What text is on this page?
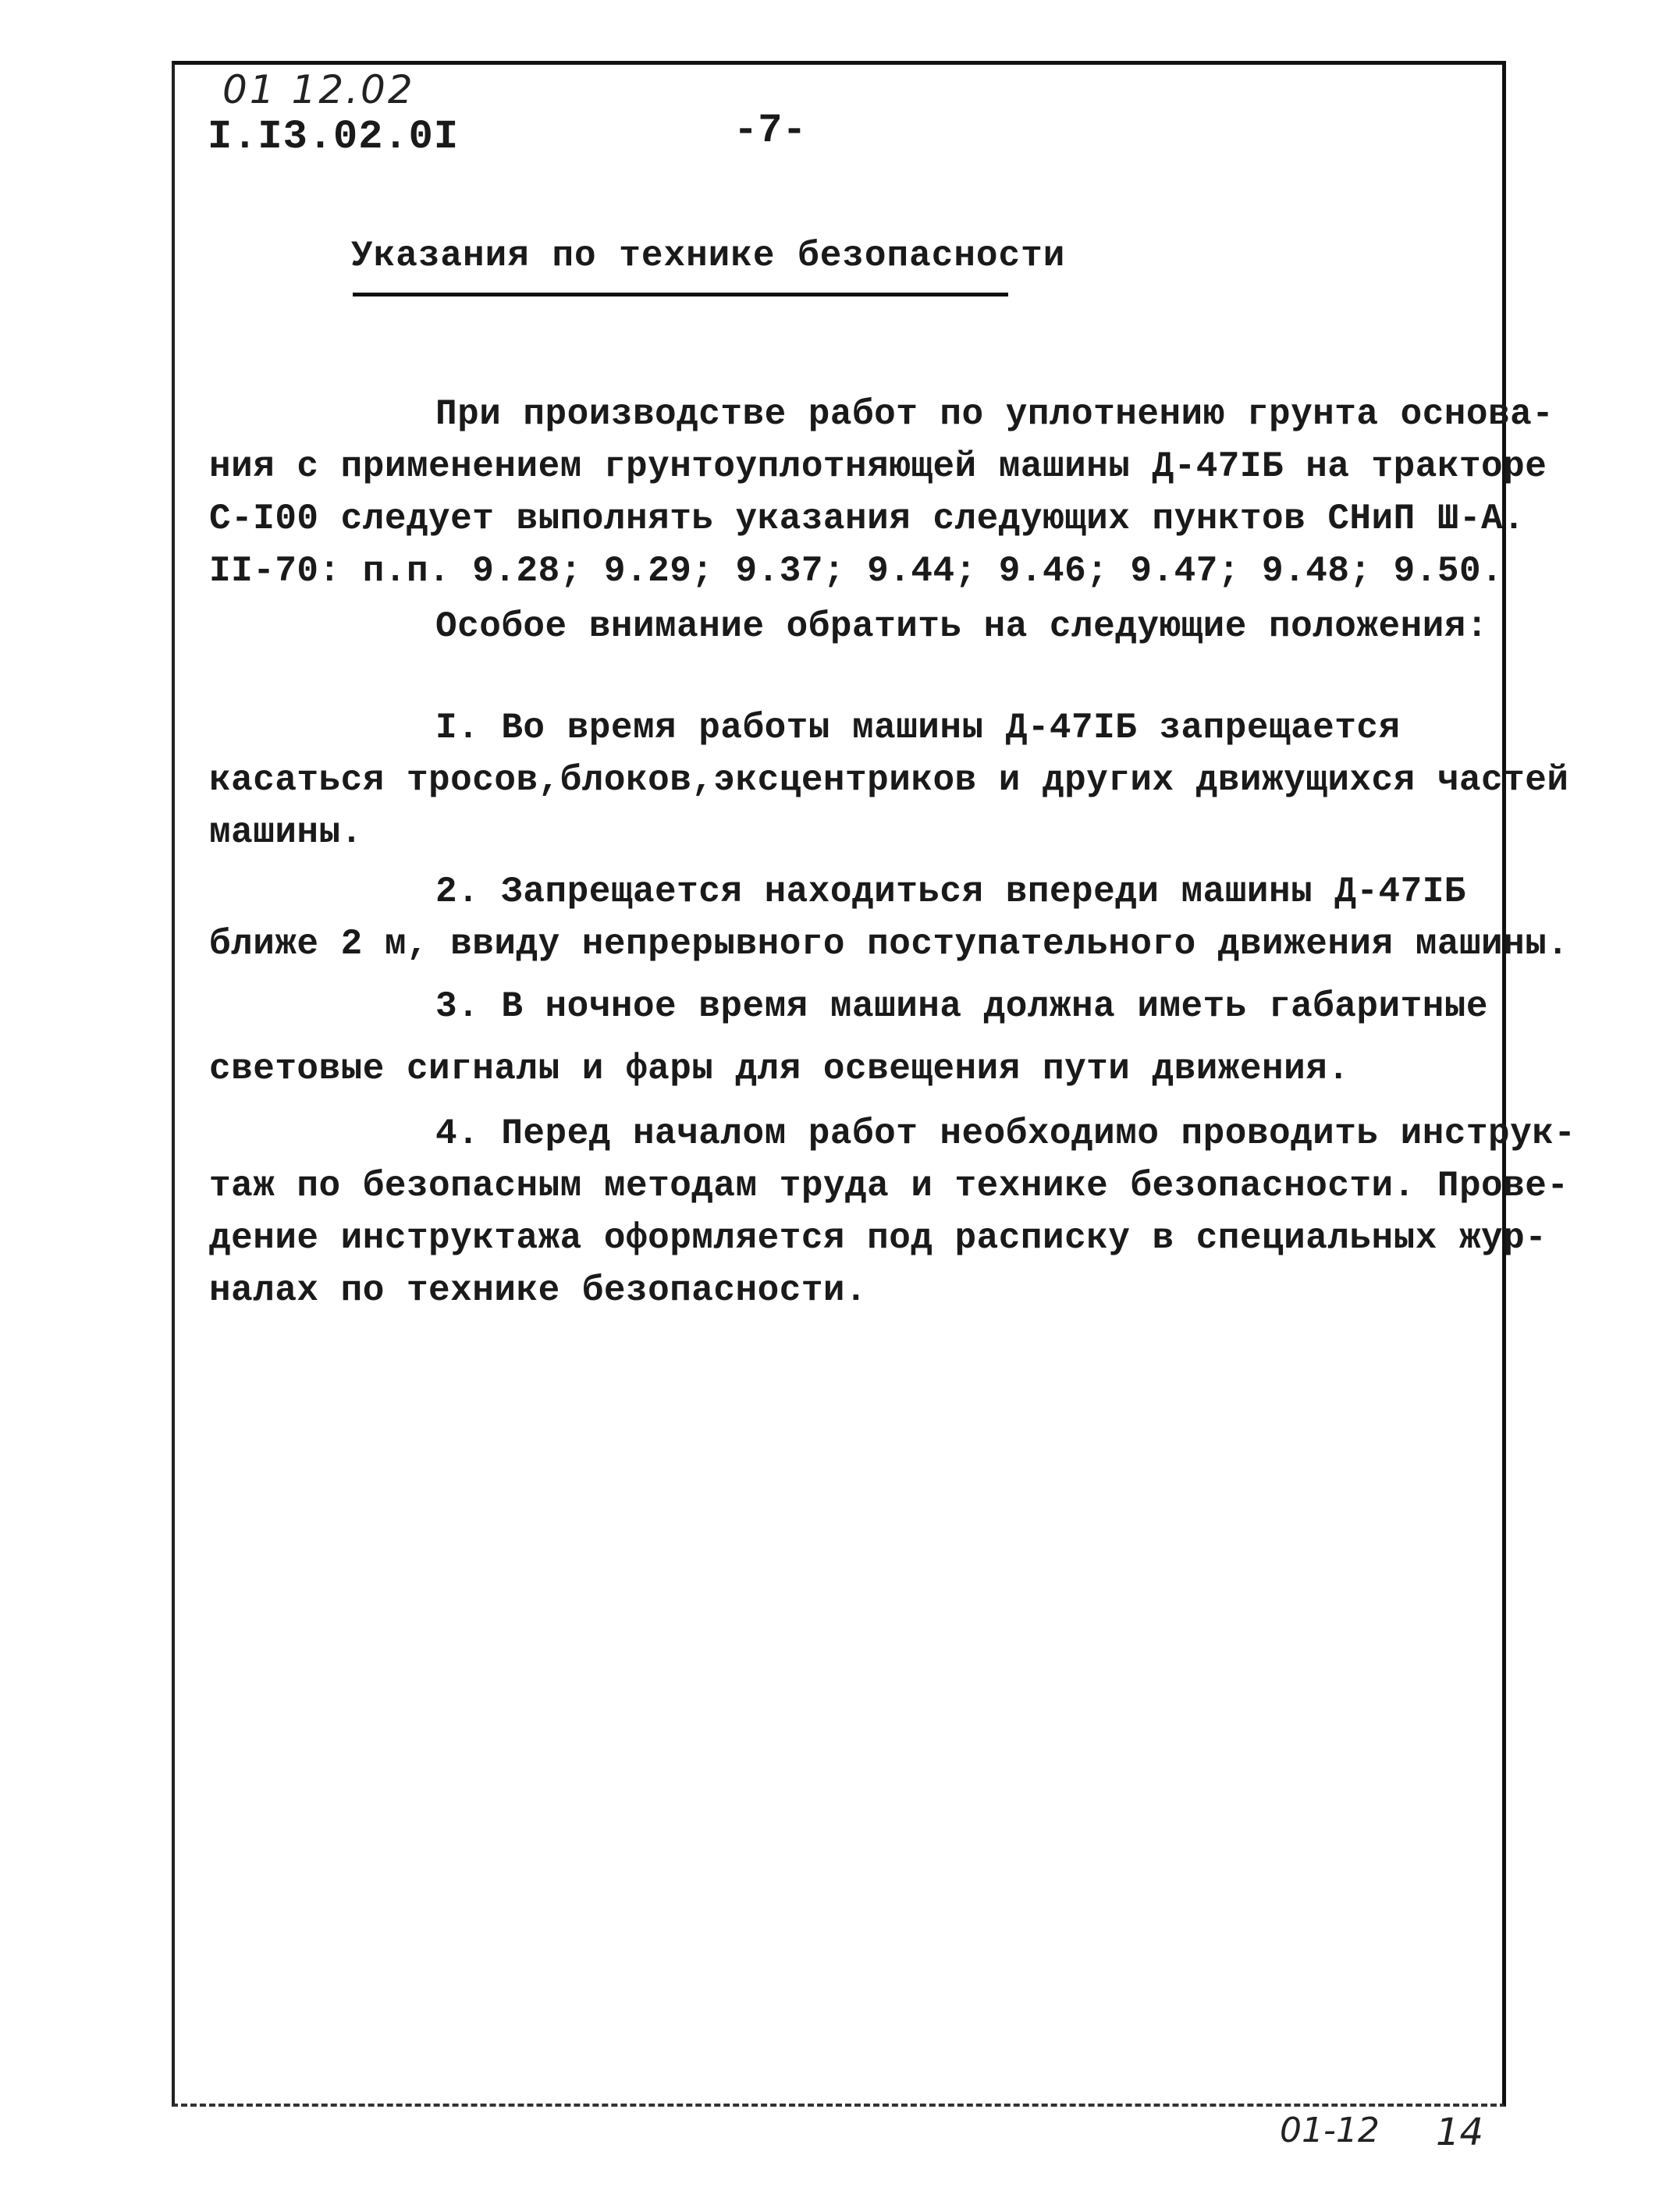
01 12.02
I.I3.02.0I	-7-
Указания по технике безопасности
При производстве работ по уплотнению грунта основа-
ния с применением грунтоуплотняющей машины Д-47IБ на тракторе
С-I00 следует выполнять указания следующих пунктов СНиП Ш-А.
II-70: п.п. 9.28; 9.29; 9.37; 9.44; 9.46; 9.47; 9.48; 9.50.
Особое внимание обратить на следующие положения:
I. Во время работы машины Д-47IБ запрещается
касаться тросов,блоков,эксцентриков и других движущихся частей
машины.
2. Запрещается находиться впереди машины Д-47IБ
ближе 2 м, ввиду непрерывного поступательного движения машины.
3. В ночное время машина должна иметь габаритные
световые сигналы и фары для освещения пути движения.
4. Перед началом работ необходимо проводить инструк-
таж по безопасным методам труда и технике безопасности. Прове-
дение инструктажа оформляется под расписку в специальных жур-
налах по технике безопасности.
01-12 14
